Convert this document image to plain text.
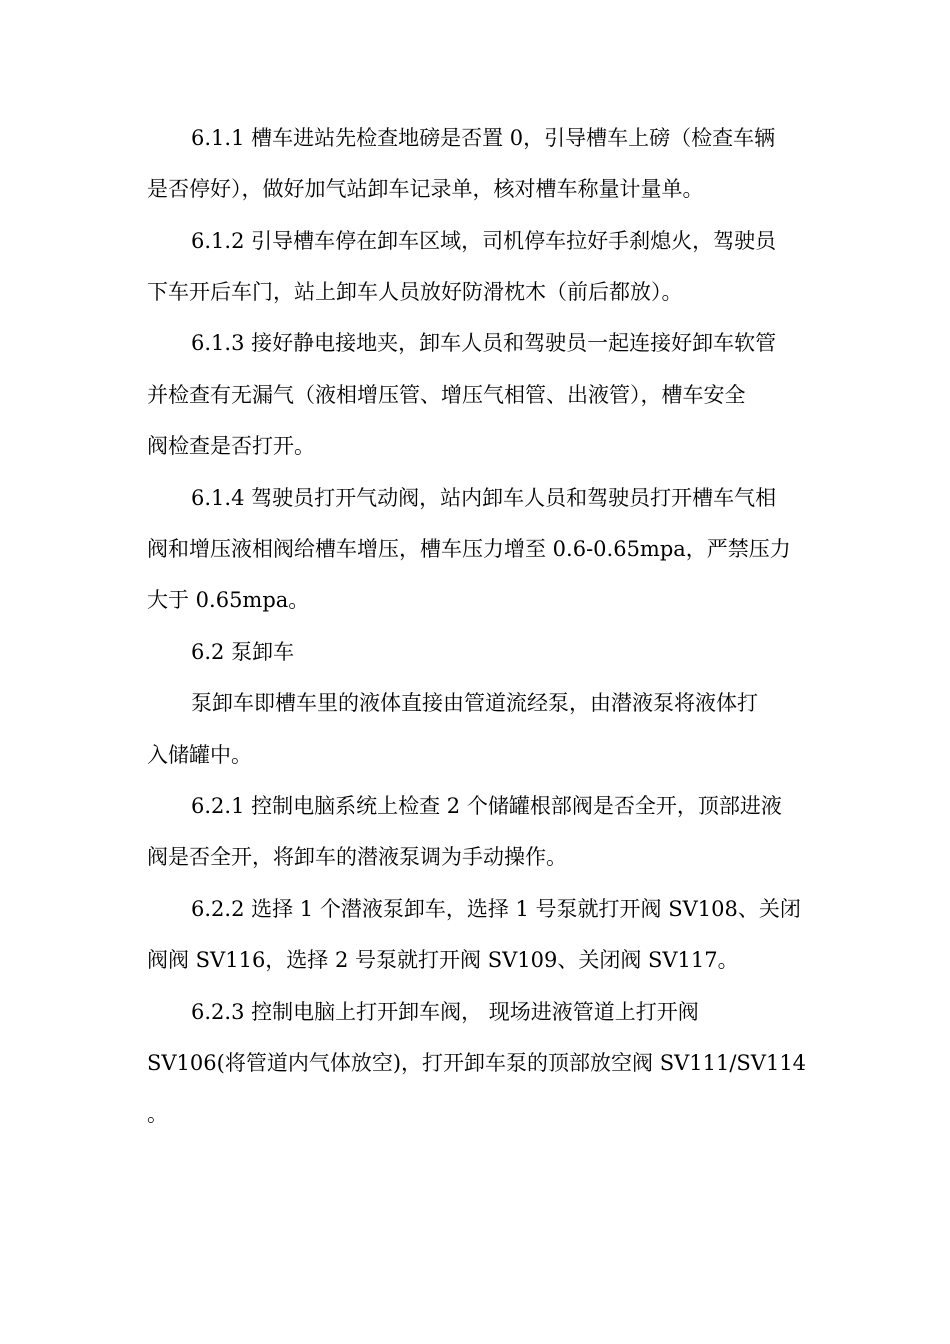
6.1.1 槽车进站先检查地磅是否置 0，引导槽车上磅（检查车辆
是否停好），做好加气站卸车记录单，核对槽车称量计量单。
6.1.2 引导槽车停在卸车区域，司机停车拉好手刹熄火，驾驶员
下车开后车门，站上卸车人员放好防滑枕木（前后都放）。
6.1.3 接好静电接地夹，卸车人员和驾驶员一起连接好卸车软管
并检查有无漏气（液相增压管、增压气相管、出液管），槽车安全
阀检查是否打开。
6.1.4 驾驶员打开气动阀，站内卸车人员和驾驶员打开槽车气相
阀和增压液相阀给槽车增压，槽车压力增至 0.6-0.65mpa，严禁压力
大于 0.65mpa。
6.2 泵卸车
泵卸车即槽车里的液体直接由管道流经泵，由潜液泵将液体打
入储罐中。
6.2.1 控制电脑系统上检查 2 个储罐根部阀是否全开，顶部进液
阀是否全开，将卸车的潜液泵调为手动操作。
6.2.2 选择 1 个潜液泵卸车，选择 1 号泵就打开阀 SV108、关闭
阀阀 SV116，选择 2 号泵就打开阀 SV109、关闭阀 SV117。
6.2.3 控制电脑上打开卸车阀， 现场进液管道上打开阀
SV106(将管道内气体放空)，打开卸车泵的顶部放空阀 SV111/SV114
。
